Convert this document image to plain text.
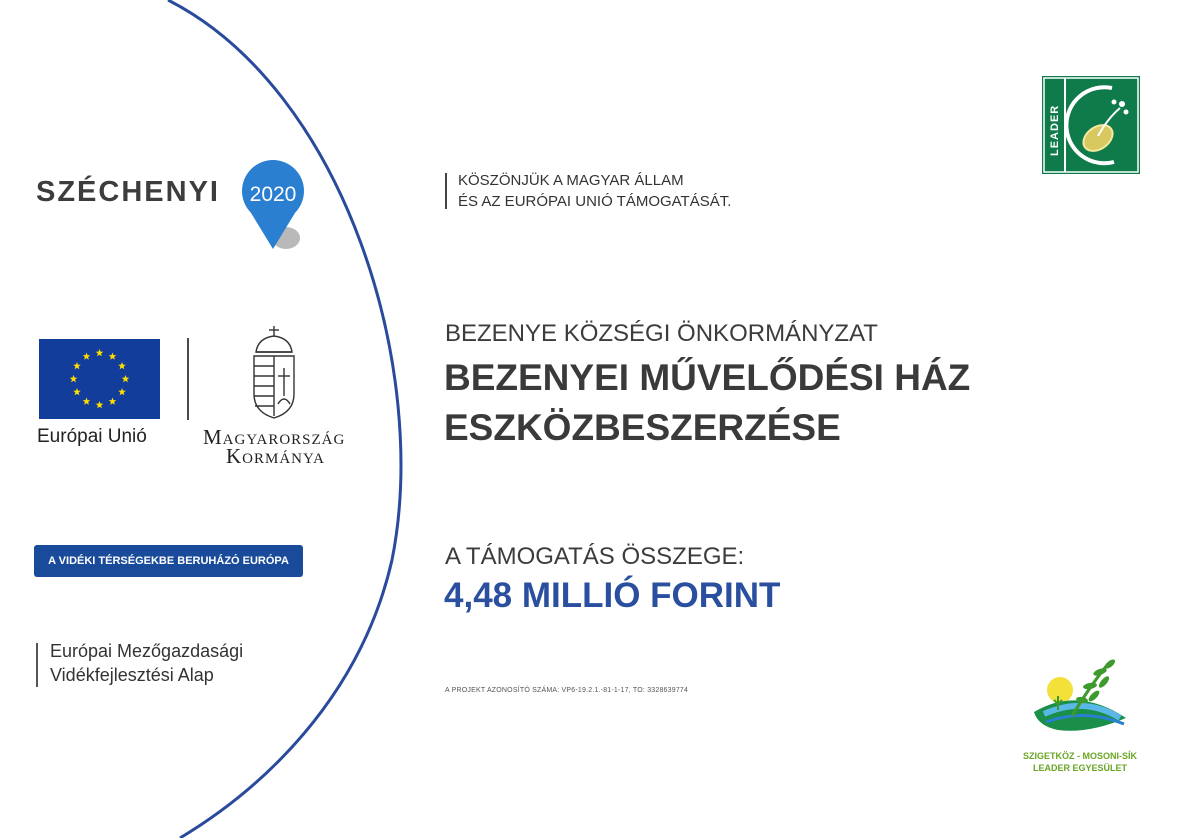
SZÉCHENYI 2020
Európai Unió	Magyarország
Kormánya
A VIDÉKI TÉRSÉGEKBE BERUHÁZÓ EURÓPA
Európai Mezőgazdasági
Vidékfejlesztési Alap
KÖSZÖNJÜK A MAGYAR ÁLLAM
ÉS AZ EURÓPAI UNIÓ TÁMOGATÁSÁT.
BEZENYE KÖZSÉGI ÖNKORMÁNYZAT
BEZENYEI MŰVELŐDÉSI HÁZ
ESZKÖZBESZERZÉSE
A TÁMOGATÁS ÖSSZEGE:
4,48 MILLIÓ FORINT
A PROJEKT AZONOSÍTÓ SZÁMA: VP6-19.2.1.-81-1-17, TO: 3328639774
LEADER
SZIGETKÖZ - MOSONI-SÍK
LEADER EGYESÜLET
